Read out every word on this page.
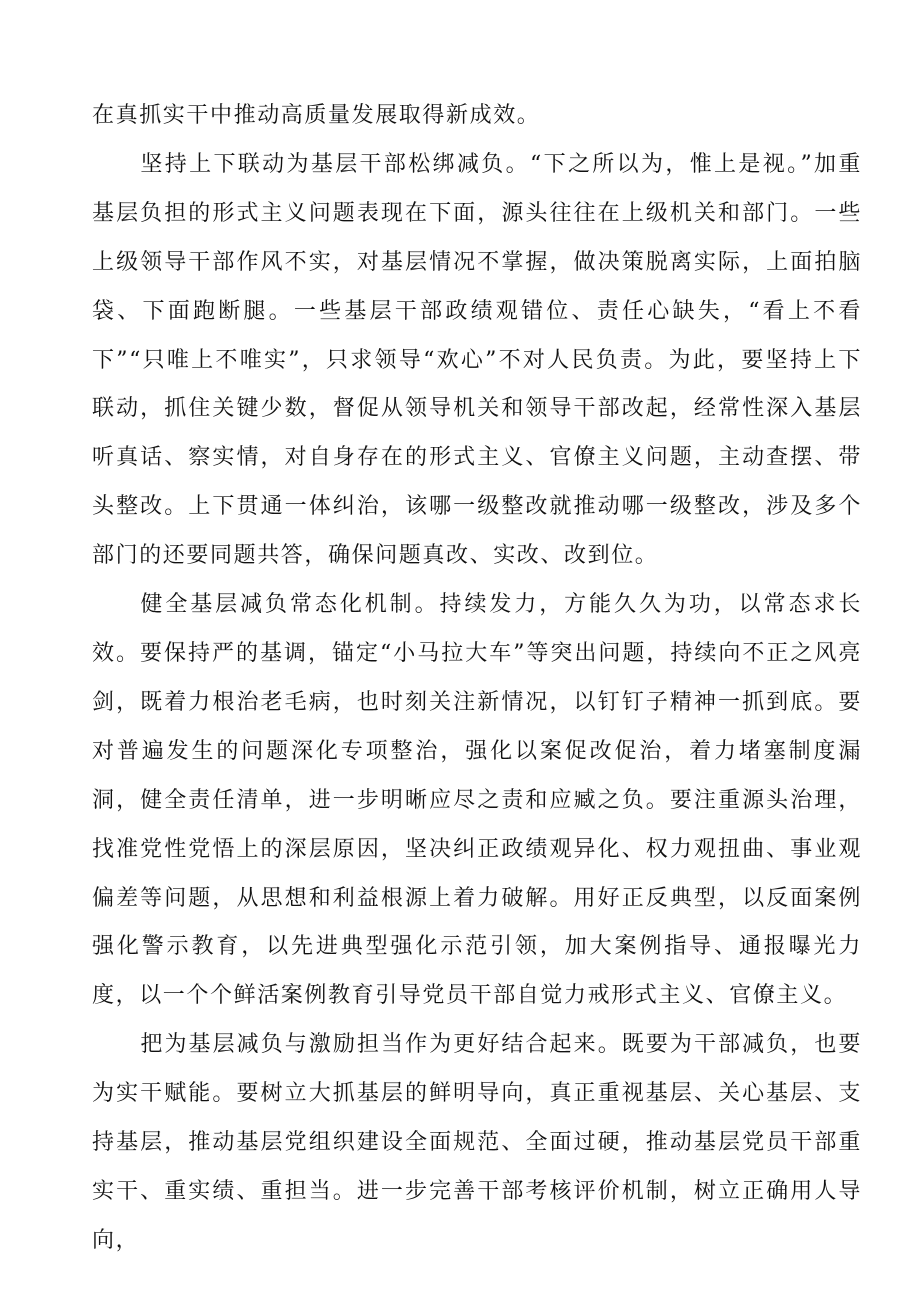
在真抓实干中推动高质量发展取得新成效。

坚持上下联动为基层干部松绑减负。“下之所以为，惟上是视。”加重基层负担的形式主义问题表现在下面，源头往往在上级机关和部门。一些上级领导干部作风不实，对基层情况不掌握，做决策脱离实际，上面拍脑袋、下面跑断腿。一些基层干部政绩观错位、责任心缺失，“看上不看下”“只唯上不唯实”，只求领导“欢心”不对人民负责。为此，要坚持上下联动，抓住关键少数，督促从领导机关和领导干部改起，经常性深入基层听真话、察实情，对自身存在的形式主义、官僚主义问题，主动查摆、带头整改。上下贯通一体纠治，该哪一级整改就推动哪一级整改，涉及多个部门的还要同题共答，确保问题真改、实改、改到位。

健全基层减负常态化机制。持续发力，方能久久为功，以常态求长效。要保持严的基调，锚定“小马拉大车”等突出问题，持续向不正之风亮剑，既着力根治老毛病，也时刻关注新情况，以钉钉子精神一抓到底。要对普遍发生的问题深化专项整治，强化以案促改促治，着力堵塞制度漏洞，健全责任清单，进一步明晰应尽之责和应臧之负。要注重源头治理，找准党性党悟上的深层原因，坚决纠正政绩观异化、权力观扭曲、事业观偏差等问题，从思想和利益根源上着力破解。用好正反典型，以反面案例强化警示教育，以先进典型强化示范引领，加大案例指导、通报曝光力度，以一个个鲜活案例教育引导党员干部自觉力戒形式主义、官僚主义。

把为基层减负与激励担当作为更好结合起来。既要为干部减负，也要为实干赋能。要树立大抓基层的鲜明导向，真正重视基层、关心基层、支持基层，推动基层党组织建设全面规范、全面过硬，推动基层党员干部重实干、重实绩、重担当。进一步完善干部考核评价机制，树立正确用人导向，
